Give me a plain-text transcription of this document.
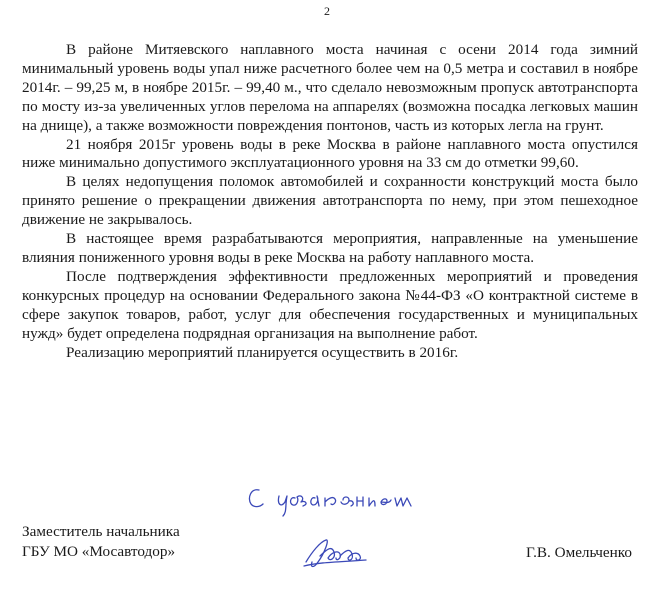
2

В районе Митяевского наплавного моста начиная с осени 2014 года зимний минимальный уровень воды упал ниже расчетного более чем на 0,5 метра и составил в ноябре 2014г. – 99,25 м, в ноябре 2015г. – 99,40 м., что сделало невозможным пропуск автотранспорта по мосту из-за увеличенных углов перелома на аппарелях (возможна посадка легковых машин на днище), а также возможности повреждения понтонов, часть из которых легла на грунт.

21 ноября 2015г уровень воды в реке Москва в районе наплавного моста опустился ниже минимально допустимого эксплуатационного уровня на 33 см до отметки 99,60.

В целях недопущения поломок автомобилей и сохранности конструкций моста было принято решение о прекращении движения автотранспорта по нему, при этом пешеходное движение не закрывалось.

В настоящее время разрабатываются мероприятия, направленные на уменьшение влияния пониженного уровня воды в реке Москва на работу наплавного моста.

После подтверждения эффективности предложенных мероприятий и проведения конкурсных процедур на основании Федерального закона №44-ФЗ «О контрактной системе в сфере закупок товаров, работ, услуг для обеспечения государственных и муниципальных нужд» будет определена подрядная организация на выполнение работ.

Реализацию мероприятий планируется осуществить в 2016г.

Заместитель начальника
ГБУ МО «Мосавтодор»	Г.В. Омельченко
